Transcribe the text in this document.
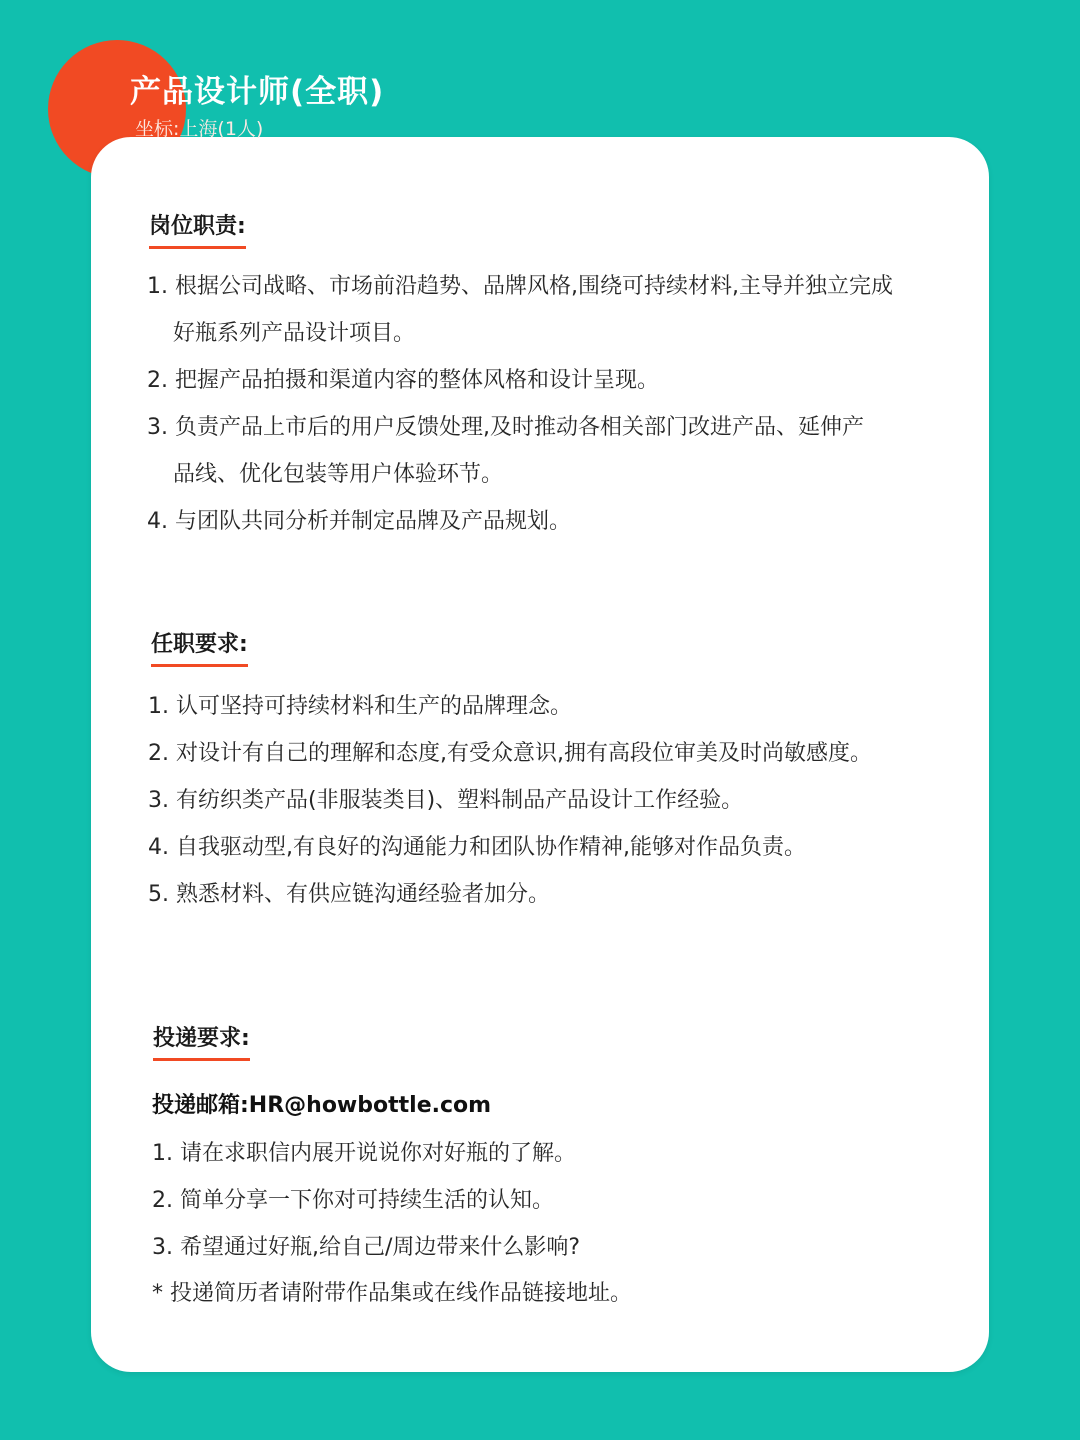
产品设计师(全职)
坐标:上海(1人)
岗位职责:
1. 根据公司战略、市场前沿趋势、品牌风格,围绕可持续材料,主导并独立完成
好瓶系列产品设计项目。
2. 把握产品拍摄和渠道内容的整体风格和设计呈现。
3. 负责产品上市后的用户反馈处理,及时推动各相关部门改进产品、延伸产
品线、优化包装等用户体验环节。
4. 与团队共同分析并制定品牌及产品规划。
任职要求:
1. 认可坚持可持续材料和生产的品牌理念。
2. 对设计有自己的理解和态度,有受众意识,拥有高段位审美及时尚敏感度。
3. 有纺织类产品(非服装类目)、塑料制品产品设计工作经验。
4. 自我驱动型,有良好的沟通能力和团队协作精神,能够对作品负责。
5. 熟悉材料、有供应链沟通经验者加分。
投递要求:
投递邮箱:HR@howbottle.com
1. 请在求职信内展开说说你对好瓶的了解。
2. 简单分享一下你对可持续生活的认知。
3. 希望通过好瓶,给自己/周边带来什么影响?
* 投递简历者请附带作品集或在线作品链接地址。
